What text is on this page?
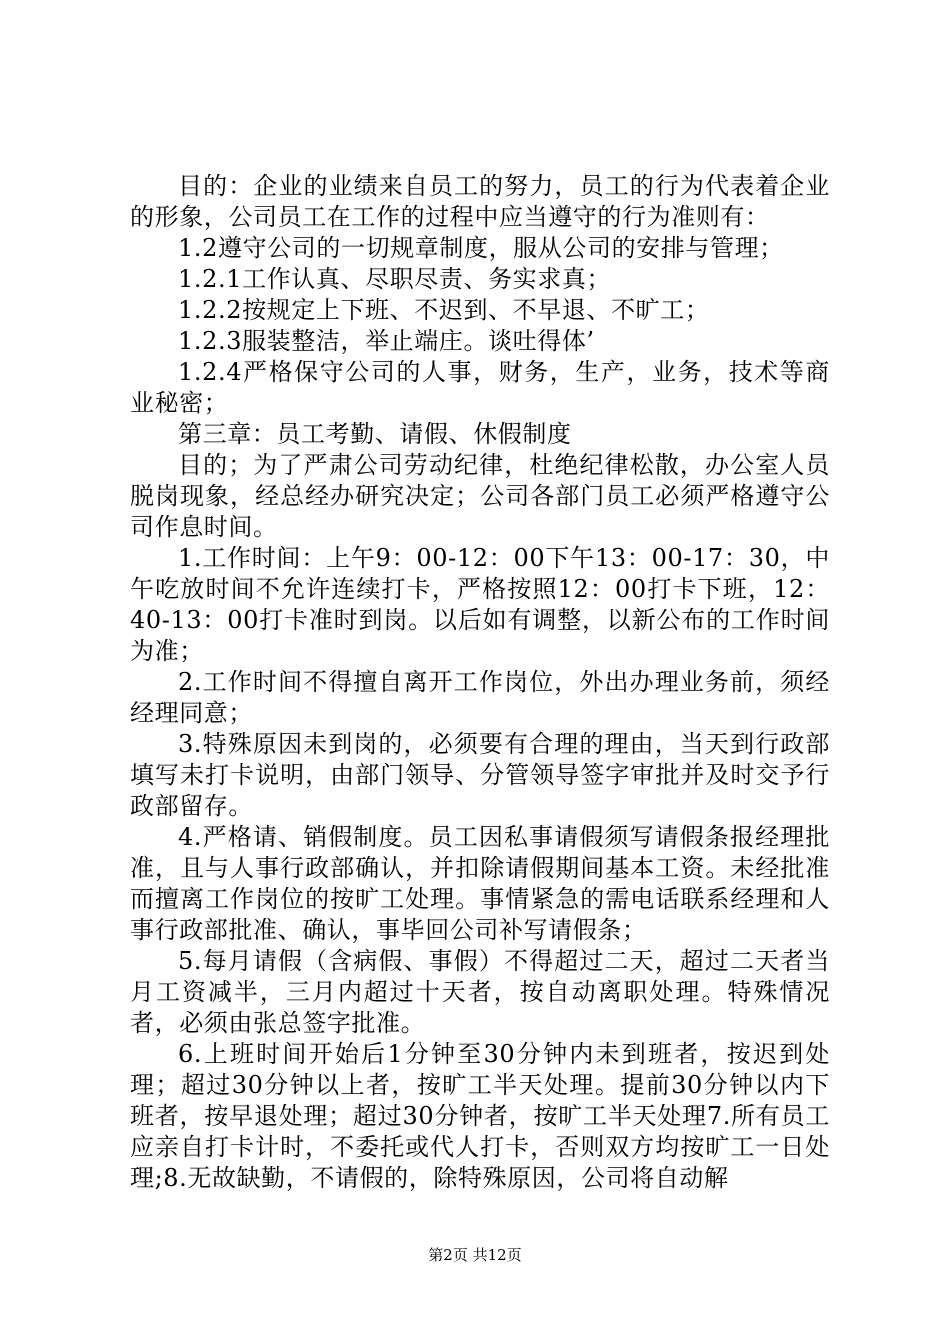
目的：企业的业绩来自员工的努力，员工的行为代表着企业的形象，公司员工在工作的过程中应当遵守的行为准则有：

1.2遵守公司的一切规章制度，服从公司的安排与管理；

1.2.1工作认真、尽职尽责、务实求真；

1.2.2按规定上下班、不迟到、不早退、不旷工；

1.2.3服装整洁，举止端庄。谈吐得体’

1.2.4严格保守公司的人事，财务，生产，业务，技术等商业秘密；

第三章：员工考勤、请假、休假制度

目的；为了严肃公司劳动纪律，杜绝纪律松散，办公室人员脱岗现象，经总经办研究决定；公司各部门员工必须严格遵守公司作息时间。

1.工作时间：上午9：00-12：00下午13：00-17：30，中午吃放时间不允许连续打卡，严格按照12：00打卡下班，12：40-13：00打卡准时到岗。以后如有调整，以新公布的工作时间为准；

2.工作时间不得擅自离开工作岗位，外出办理业务前，须经经理同意；

3.特殊原因未到岗的，必须要有合理的理由，当天到行政部填写未打卡说明，由部门领导、分管领导签字审批并及时交予行政部留存。

4.严格请、销假制度。员工因私事请假须写请假条报经理批准，且与人事行政部确认，并扣除请假期间基本工资。未经批准而擅离工作岗位的按旷工处理。事情紧急的需电话联系经理和人事行政部批准、确认，事毕回公司补写请假条；

5.每月请假（含病假、事假）不得超过二天，超过二天者当月工资减半，三月内超过十天者，按自动离职处理。特殊情况者，必须由张总签字批准。

6.上班时间开始后1分钟至30分钟内未到班者，按迟到处理；超过30分钟以上者，按旷工半天处理。提前30分钟以内下班者，按早退处理；超过30分钟者，按旷工半天处理7.所有员工应亲自打卡计时，不委托或代人打卡，否则双方均按旷工一日处理;8.无故缺勤，不请假的，除特殊原因，公司将自动解

第2页 共12页
